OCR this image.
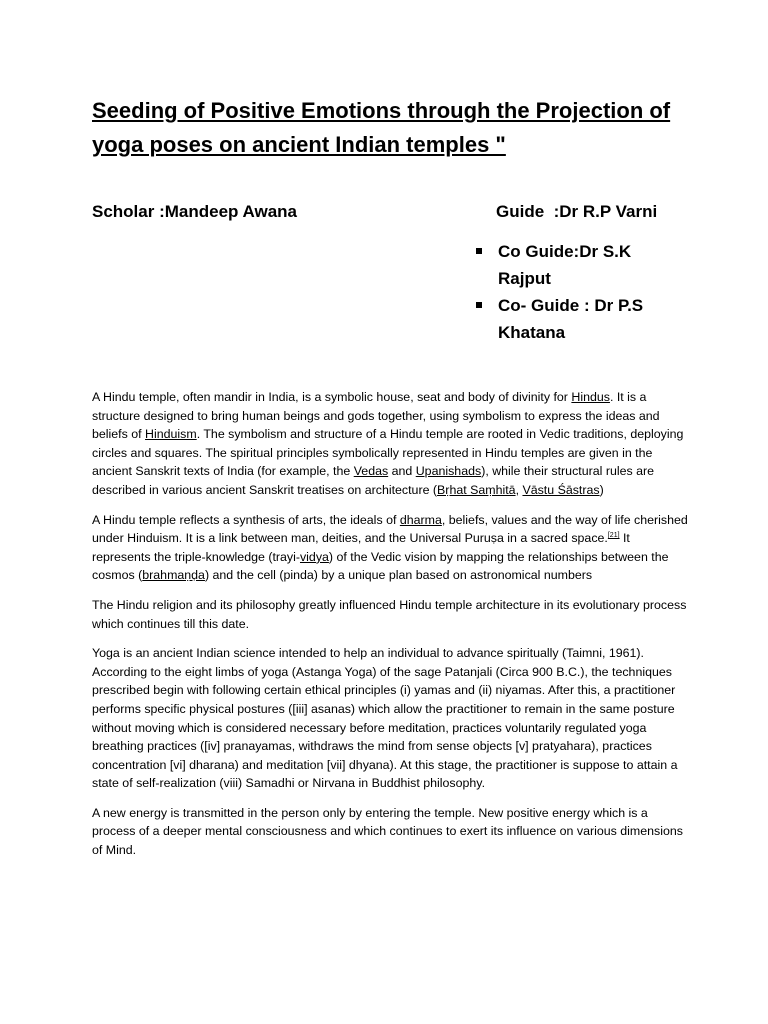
Seeding of Positive Emotions through the Projection of yoga poses on ancient Indian temples "
Scholar :Mandeep Awana	Guide  :Dr R.P Varni
Co Guide:Dr S.K Rajput
Co- Guide : Dr P.S Khatana

A Hindu temple, often mandir in India, is a symbolic house, seat and body of divinity for Hindus. It is a structure designed to bring human beings and gods together, using symbolism to express the ideas and beliefs of Hinduism. The symbolism and structure of a Hindu temple are rooted in Vedic traditions, deploying circles and squares. The spiritual principles symbolically represented in Hindu temples are given in the ancient Sanskrit texts of India (for example, the Vedas and Upanishads), while their structural rules are described in various ancient Sanskrit treatises on architecture (Bṛhat Saṃhitā, Vāstu Śāstras)

A Hindu temple reflects a synthesis of arts, the ideals of dharma, beliefs, values and the way of life cherished under Hinduism. It is a link between man, deities, and the Universal Puruṣa in a sacred space.[21] It represents the triple-knowledge (trayi-vidya) of the Vedic vision by mapping the relationships between the cosmos (brahmaṇḍa) and the cell (pinda) by a unique plan based on astronomical numbers

The Hindu religion and its philosophy greatly influenced Hindu temple architecture in its evolutionary process which continues till this date.

Yoga is an ancient Indian science intended to help an individual to advance spiritually (Taimni, 1961). According to the eight limbs of yoga (Astanga Yoga) of the sage Patanjali (Circa 900 B.C.), the techniques prescribed begin with following certain ethical principles (i) yamas and (ii) niyamas. After this, a practitioner performs specific physical postures ([iii] asanas) which allow the practitioner to remain in the same posture without moving which is considered necessary before meditation, practices voluntarily regulated yoga breathing practices ([iv] pranayamas, withdraws the mind from sense objects [v] pratyahara), practices concentration [vi] dharana) and meditation [vii] dhyana). At this stage, the practitioner is suppose to attain a state of self-realization (viii) Samadhi or Nirvana in Buddhist philosophy.

A new energy is transmitted in the person only by entering the temple. New positive energy which is a process of a deeper mental consciousness and which continues to exert its influence on various dimensions of Mind.
